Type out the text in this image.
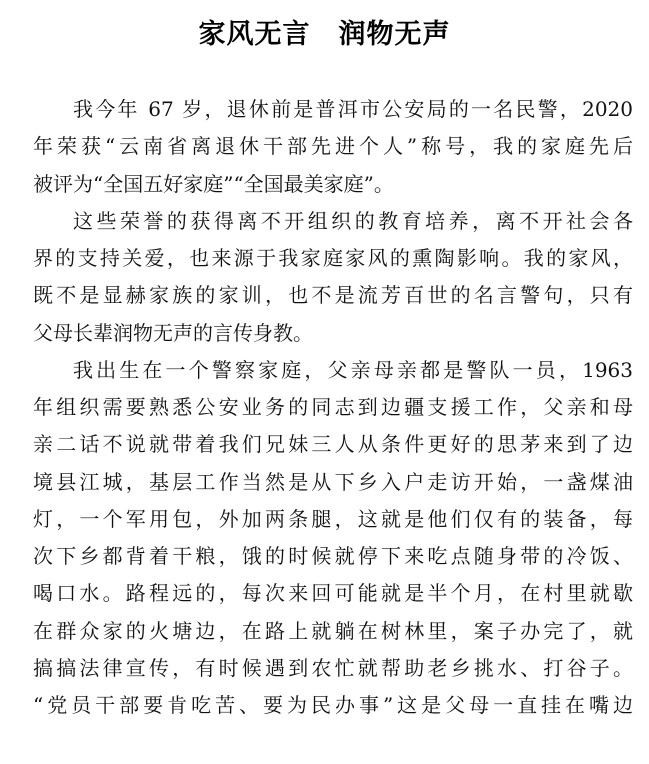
家风无言　润物无声
我今年 67 岁，退休前是普洱市公安局的一名民警，2020
年荣获“云南省离退休干部先进个人”称号，我的家庭先后
被评为“全国五好家庭”“全国最美家庭”。
这些荣誉的获得离不开组织的教育培养，离不开社会各
界的支持关爱，也来源于我家庭家风的熏陶影响。我的家风，
既不是显赫家族的家训，也不是流芳百世的名言警句，只有
父母长辈润物无声的言传身教。
我出生在一个警察家庭，父亲母亲都是警队一员，1963
年组织需要熟悉公安业务的同志到边疆支援工作，父亲和母
亲二话不说就带着我们兄妹三人从条件更好的思茅来到了边
境县江城，基层工作当然是从下乡入户走访开始，一盏煤油
灯，一个军用包，外加两条腿，这就是他们仅有的装备，每
次下乡都背着干粮，饿的时候就停下来吃点随身带的冷饭、
喝口水。路程远的，每次来回可能就是半个月，在村里就歇
在群众家的火塘边，在路上就躺在树林里，案子办完了，就
搞搞法律宣传，有时候遇到农忙就帮助老乡挑水、打谷子。
“党员干部要肯吃苦、要为民办事”这是父母一直挂在嘴边
